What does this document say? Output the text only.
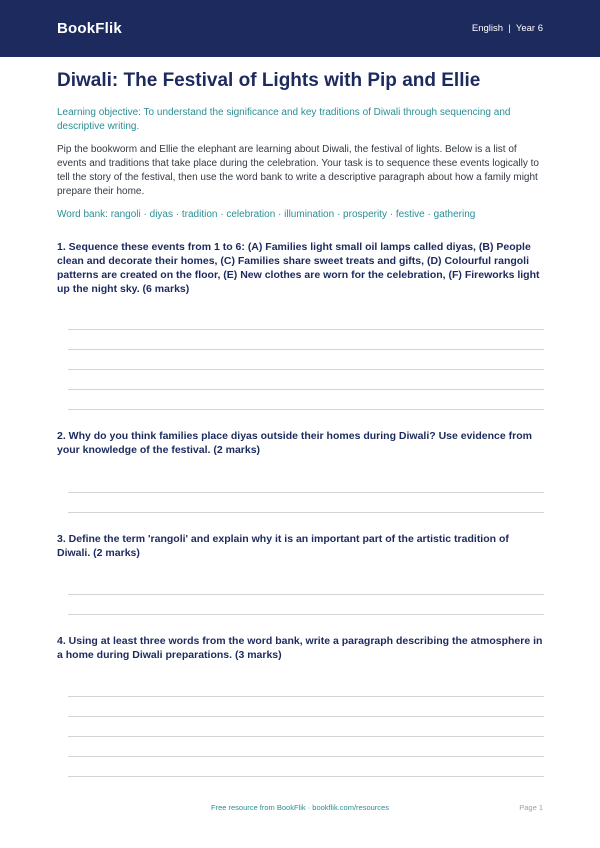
BookFlik	English  |  Year 6
Diwali: The Festival of Lights with Pip and Ellie

Learning objective: To understand the significance and key traditions of Diwali through sequencing and descriptive writing.

Pip the bookworm and Ellie the elephant are learning about Diwali, the festival of lights. Below is a list of events and traditions that take place during the celebration. Your task is to sequence these events logically to tell the story of the festival, then use the word bank to write a descriptive paragraph about how a family might prepare their home.

Word bank: rangoli · diyas · tradition · celebration · illumination · prosperity · festive · gathering

1. Sequence these events from 1 to 6: (A) Families light small oil lamps called diyas, (B) People clean and decorate their homes, (C) Families share sweet treats and gifts, (D) Colourful rangoli patterns are created on the floor, (E) New clothes are worn for the celebration, (F) Fireworks light up the night sky. (6 marks)

2. Why do you think families place diyas outside their homes during Diwali? Use evidence from your knowledge of the festival. (2 marks)

3. Define the term 'rangoli' and explain why it is an important part of the artistic tradition of Diwali. (2 marks)

4. Using at least three words from the word bank, write a paragraph describing the atmosphere in a home during Diwali preparations. (3 marks)

Free resource from BookFlik · bookflik.com/resources	Page 1
